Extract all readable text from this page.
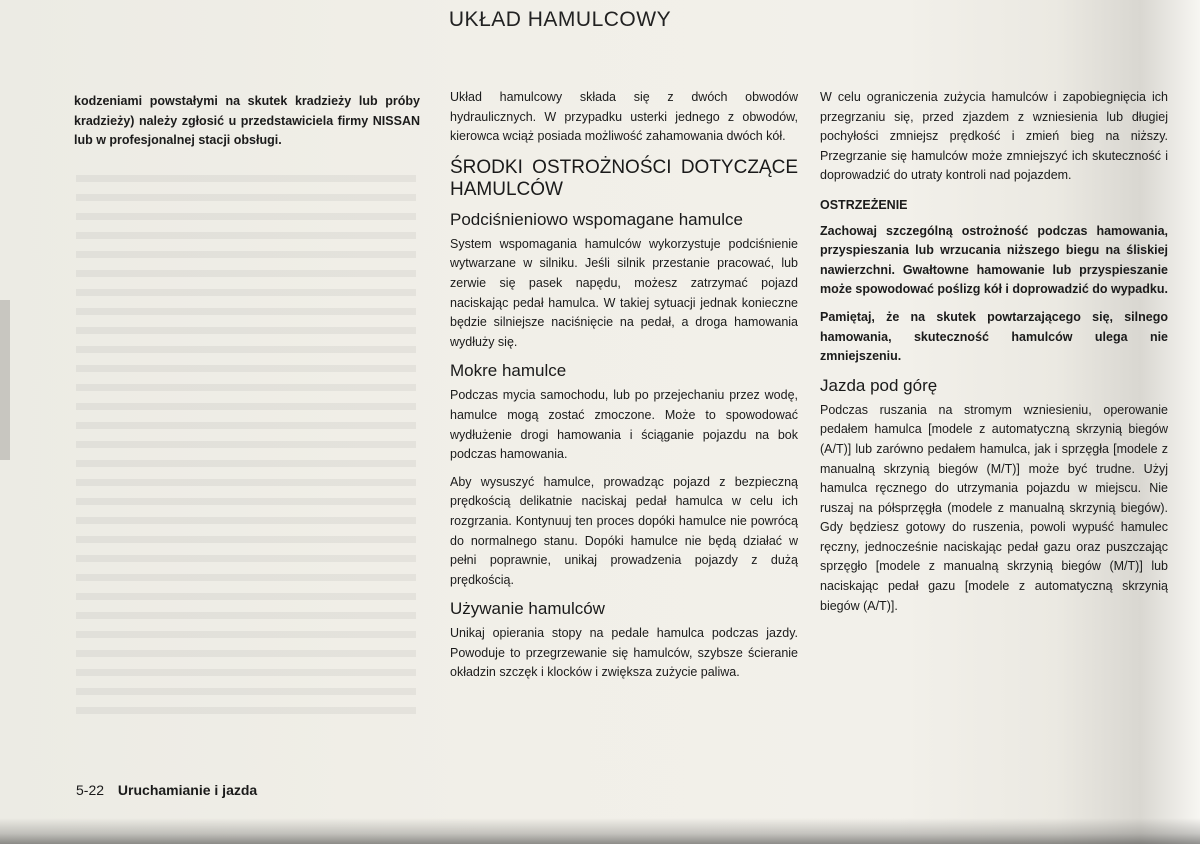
UKŁAD HAMULCOWY

kodzeniami powstałymi na skutek kradzieży lub próby kradzieży) należy zgłosić u przedstawiciela firmy NISSAN lub w profesjonalnej stacji obsługi.

Układ hamulcowy składa się z dwóch obwodów hydraulicznych. W przypadku usterki jednego z obwodów, kierowca wciąż posiada możliwość zahamowania dwóch kół.

ŚRODKI OSTROŻNOŚCI DOTYCZĄCE HAMULCÓW
Podciśnieniowo wspomagane hamulce

System wspomagania hamulców wykorzystuje podciśnienie wytwarzane w silniku. Jeśli silnik przestanie pracować, lub zerwie się pasek napędu, możesz zatrzymać pojazd naciskając pedał hamulca. W takiej sytuacji jednak konieczne będzie silniejsze naciśnięcie na pedał, a droga hamowania wydłuży się.

Mokre hamulce

Podczas mycia samochodu, lub po przejechaniu przez wodę, hamulce mogą zostać zmoczone. Może to spowodować wydłużenie drogi hamowania i ściąganie pojazdu na bok podczas hamowania.

Aby wysuszyć hamulce, prowadząc pojazd z bezpieczną prędkością delikatnie naciskaj pedał hamulca w celu ich rozgrzania. Kontynuuj ten proces dopóki hamulce nie powrócą do normalnego stanu. Dopóki hamulce nie będą działać w pełni poprawnie, unikaj prowadzenia pojazdy z dużą prędkością.

Używanie hamulców

Unikaj opierania stopy na pedale hamulca podczas jazdy. Powoduje to przegrzewanie się hamulców, szybsze ścieranie okładzin szczęk i klocków i zwiększa zużycie paliwa.

W celu ograniczenia zużycia hamulców i zapobiegnięcia ich przegrzaniu się, przed zjazdem z wzniesienia lub długiej pochyłości zmniejsz prędkość i zmień bieg na niższy. Przegrzanie się hamulców może zmniejszyć ich skuteczność i doprowadzić do utraty kontroli nad pojazdem.

OSTRZEŻENIE

Zachowaj szczególną ostrożność podczas hamowania, przyspieszania lub wrzucania niższego biegu na śliskiej nawierzchni. Gwałtowne hamowanie lub przyspieszanie może spowodować poślizg kół i doprowadzić do wypadku.

Pamiętaj, że na skutek powtarzającego się, silnego hamowania, skuteczność hamulców ulega nie zmniejszeniu.

Jazda pod górę

Podczas ruszania na stromym wzniesieniu, operowanie pedałem hamulca [modele z automatyczną skrzynią biegów (A/T)] lub zarówno pedałem hamulca, jak i sprzęgła [modele z manualną skrzynią biegów (M/T)] może być trudne. Użyj hamulca ręcznego do utrzymania pojazdu w miejscu. Nie ruszaj na półsprzęgła (modele z manualną skrzynią biegów). Gdy będziesz gotowy do ruszenia, powoli wypuść hamulec ręczny, jednocześnie naciskając pedał gazu oraz puszczając sprzęgło [modele z manualną skrzynią biegów (M/T)] lub naciskając pedał gazu [modele z automatyczną skrzynią biegów (A/T)].

5-22 Uruchamianie i jazda
